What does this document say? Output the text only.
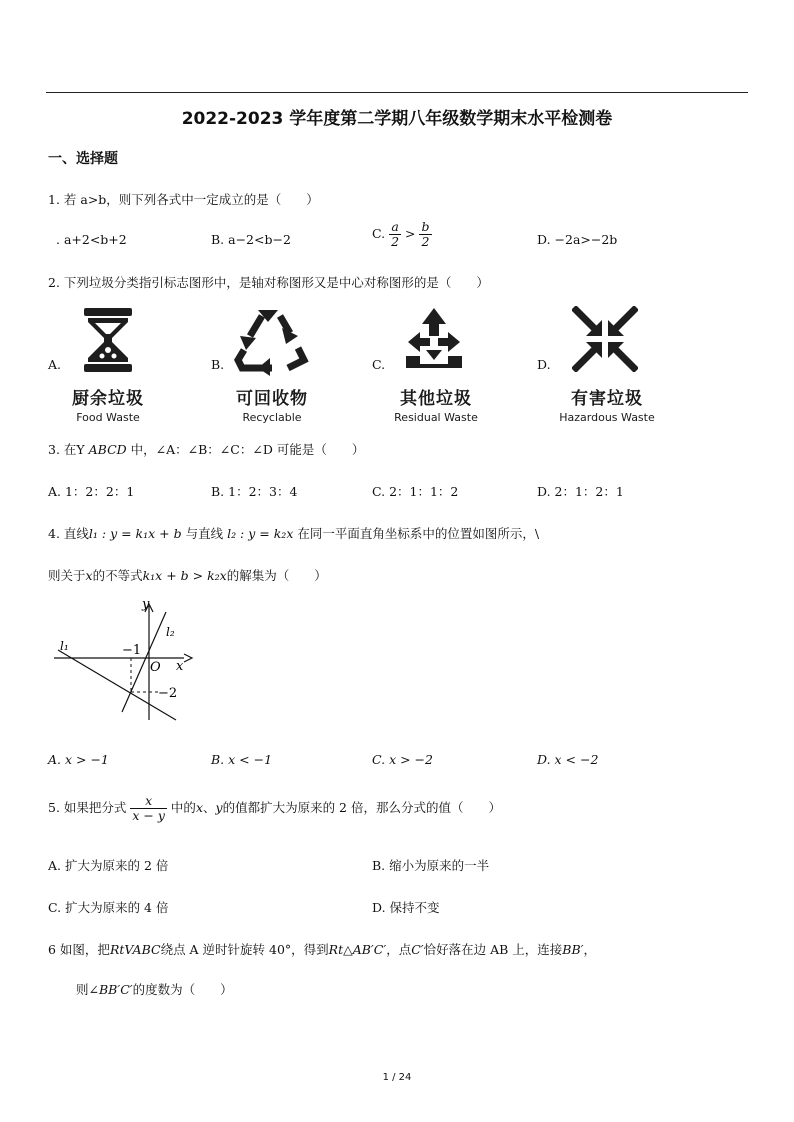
2022-2023 学年度第二学期八年级数学期末水平检测卷
一、选择题
1. 若 a>b，则下列各式中一定成立的是（　　）
. a+2<b+2	B. a−2<b−2	C. $\frac{a}{2} > \frac{b}{2}$	D. −2a>−2b
2. 下列垃圾分类指引标志图形中，是轴对称图形又是中心对称图形的是（　　）
A.	B.	C.	D.
厨余垃圾
Food Waste
可回收物
Recyclable
其他垃圾
Residual Waste
有害垃圾
Hazardous Waste
3. 在Y ABCD 中，∠A：∠B：∠C：∠D 可能是（　　）
A. 1：2：2：1	B. 1：2：3：4	C. 2：1：1：2	D. 2：1：2：1
4. 直线l₁ : y = k₁x + b 与直线 l₂ : y = k₂x 在同一平面直角坐标系中的位置如图所示，\
则关于x的不等式k₁x + b > k₂x的解集为（　　）
y
x
O
l₁
l₂
−1
−2
A. x > −1	B. x < −1	C. x > −2	D. x < −2
5. 如果把分式 $\frac{x}{x - y}$ 中的x、y的值都扩大为原来的 2 倍，那么分式的值（　　）
A. 扩大为原来的 2 倍	B. 缩小为原来的一半
C. 扩大为原来的 4 倍	D. 保持不变
6 如图，把RtVABC绕点 A 逆时针旋转 40°，得到Rt△AB′C′，点C′恰好落在边 AB 上，连接BB′，
则∠BB′C′的度数为（　　）
1 / 24
